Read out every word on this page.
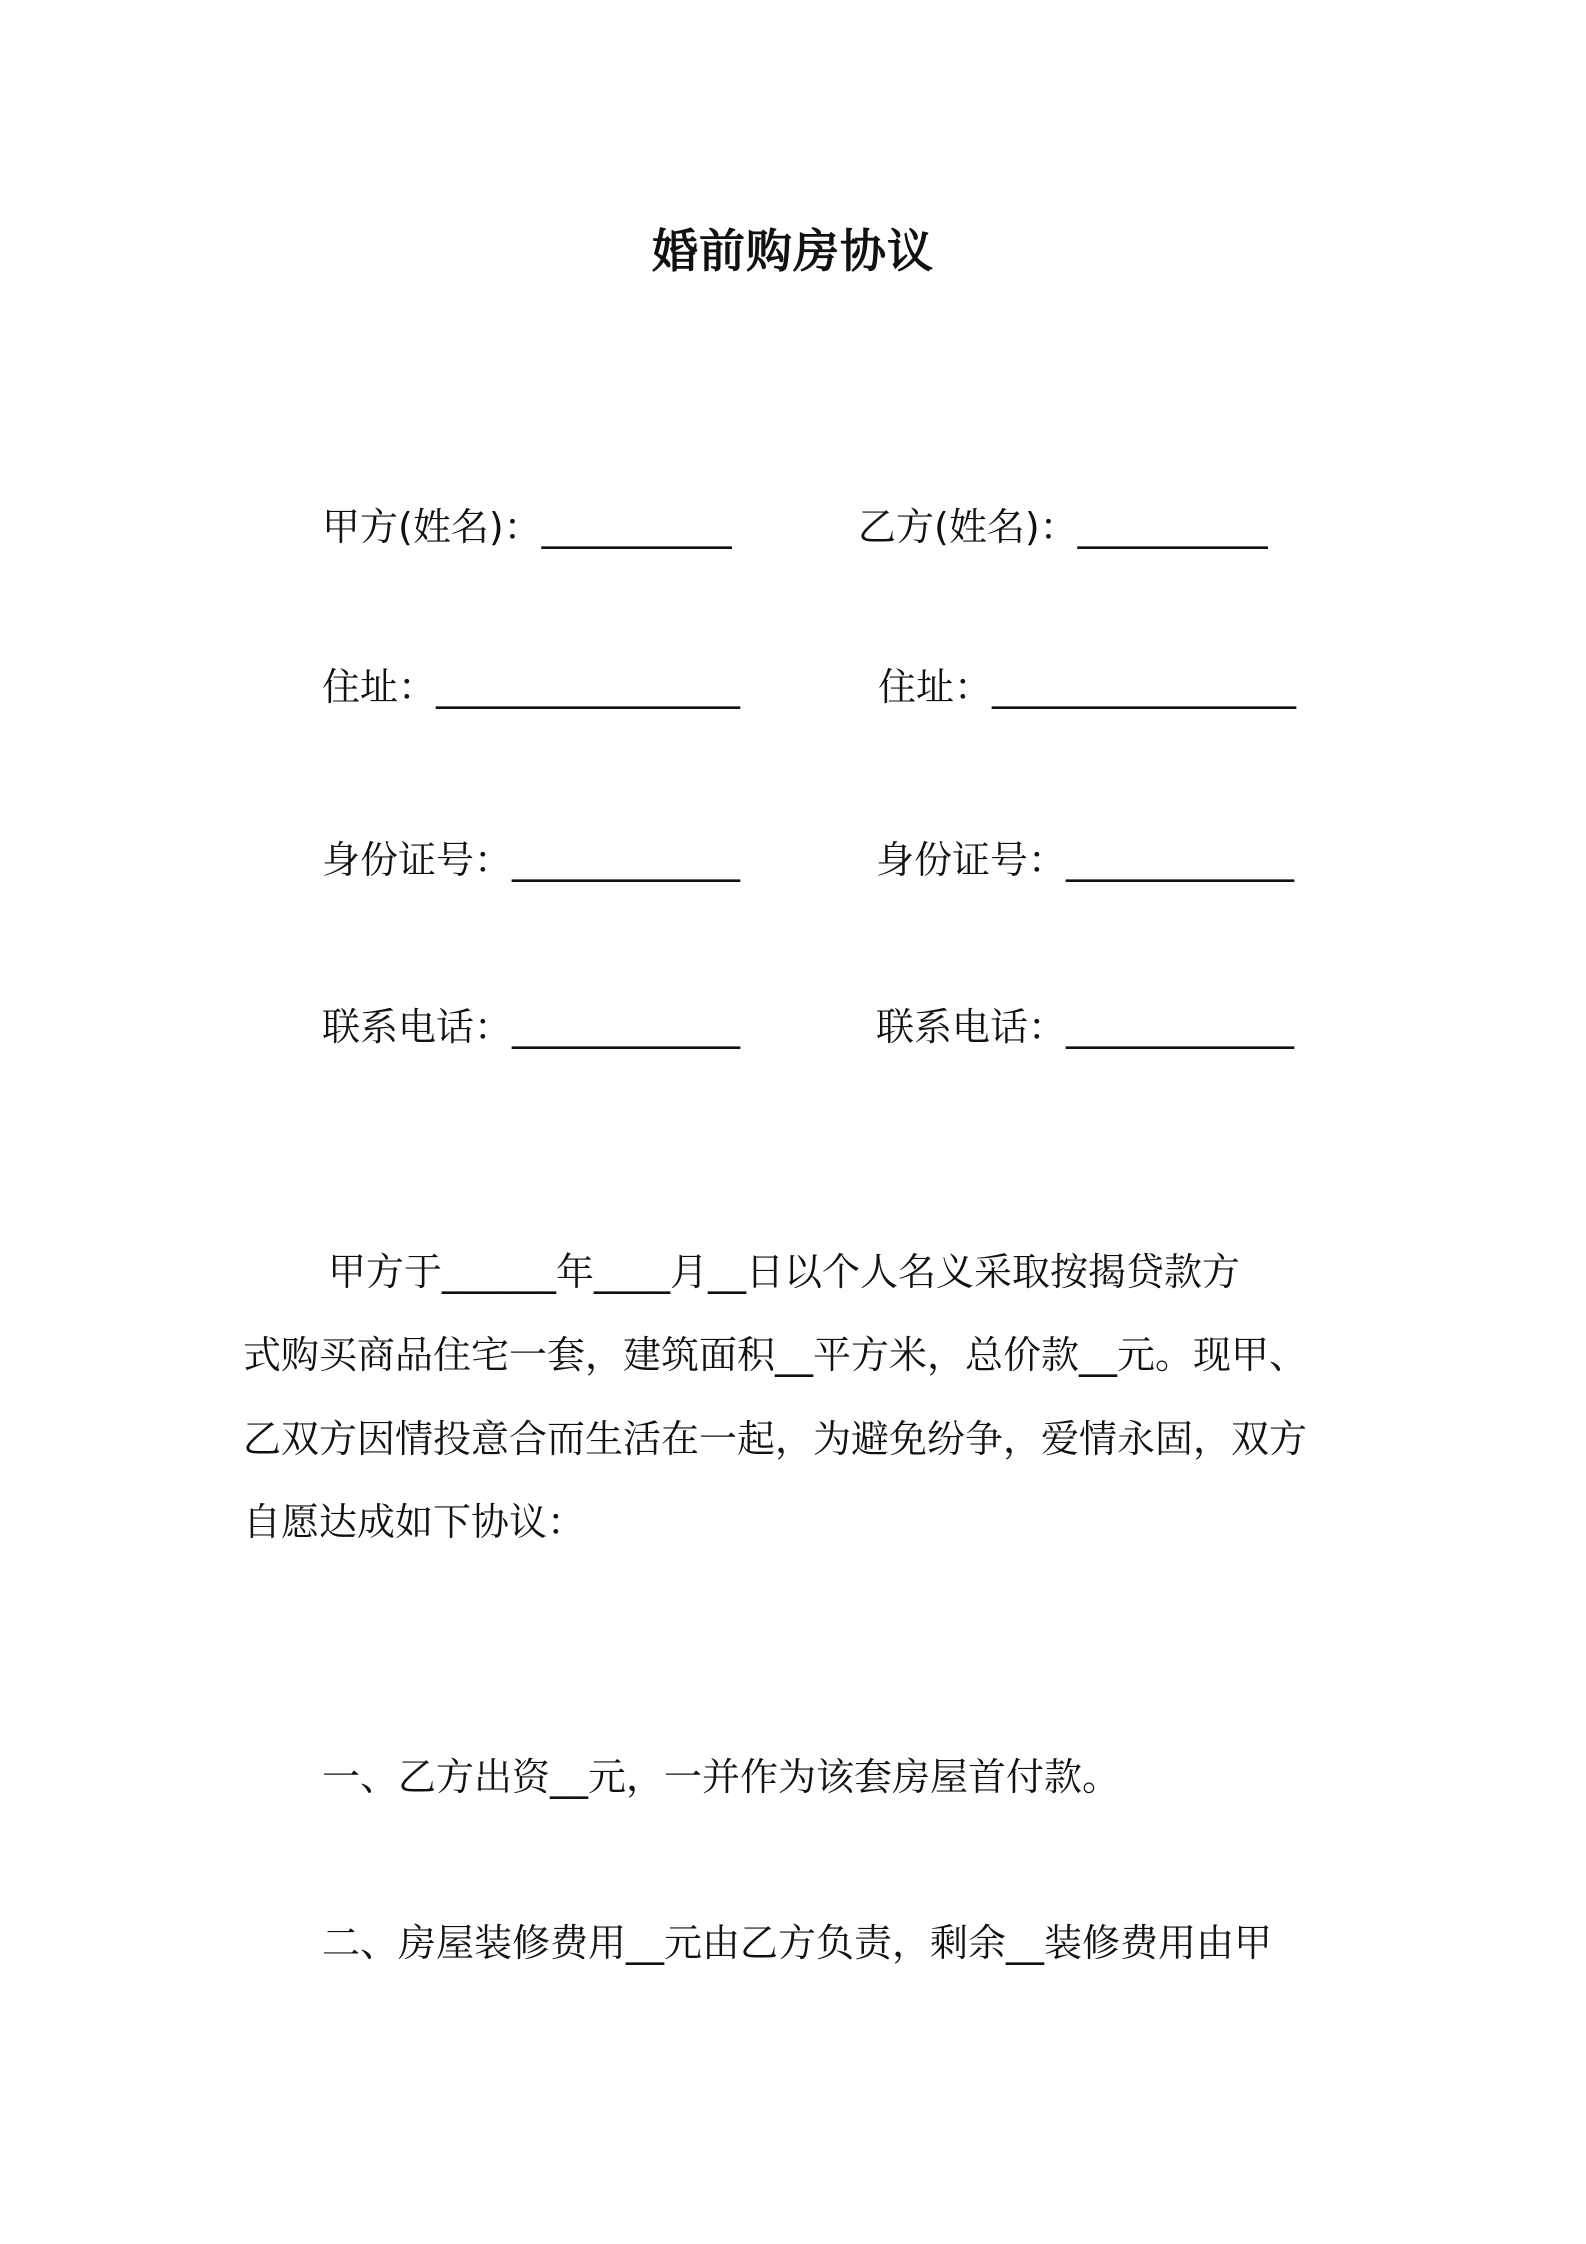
婚前购房协议
甲方(姓名)：__________	乙方(姓名)：__________
住址：________________	住址：________________
身份证号：____________	身份证号：____________
联系电话：____________	联系电话：____________
甲方于______年____月__日以个人名义采取按揭贷款方
式购买商品住宅一套，建筑面积__平方米，总价款__元。现甲、
乙双方因情投意合而生活在一起，为避免纷争，爱情永固，双方
自愿达成如下协议：
一、乙方出资__元，一并作为该套房屋首付款。
二、房屋装修费用__元由乙方负责，剩余__装修费用由甲
